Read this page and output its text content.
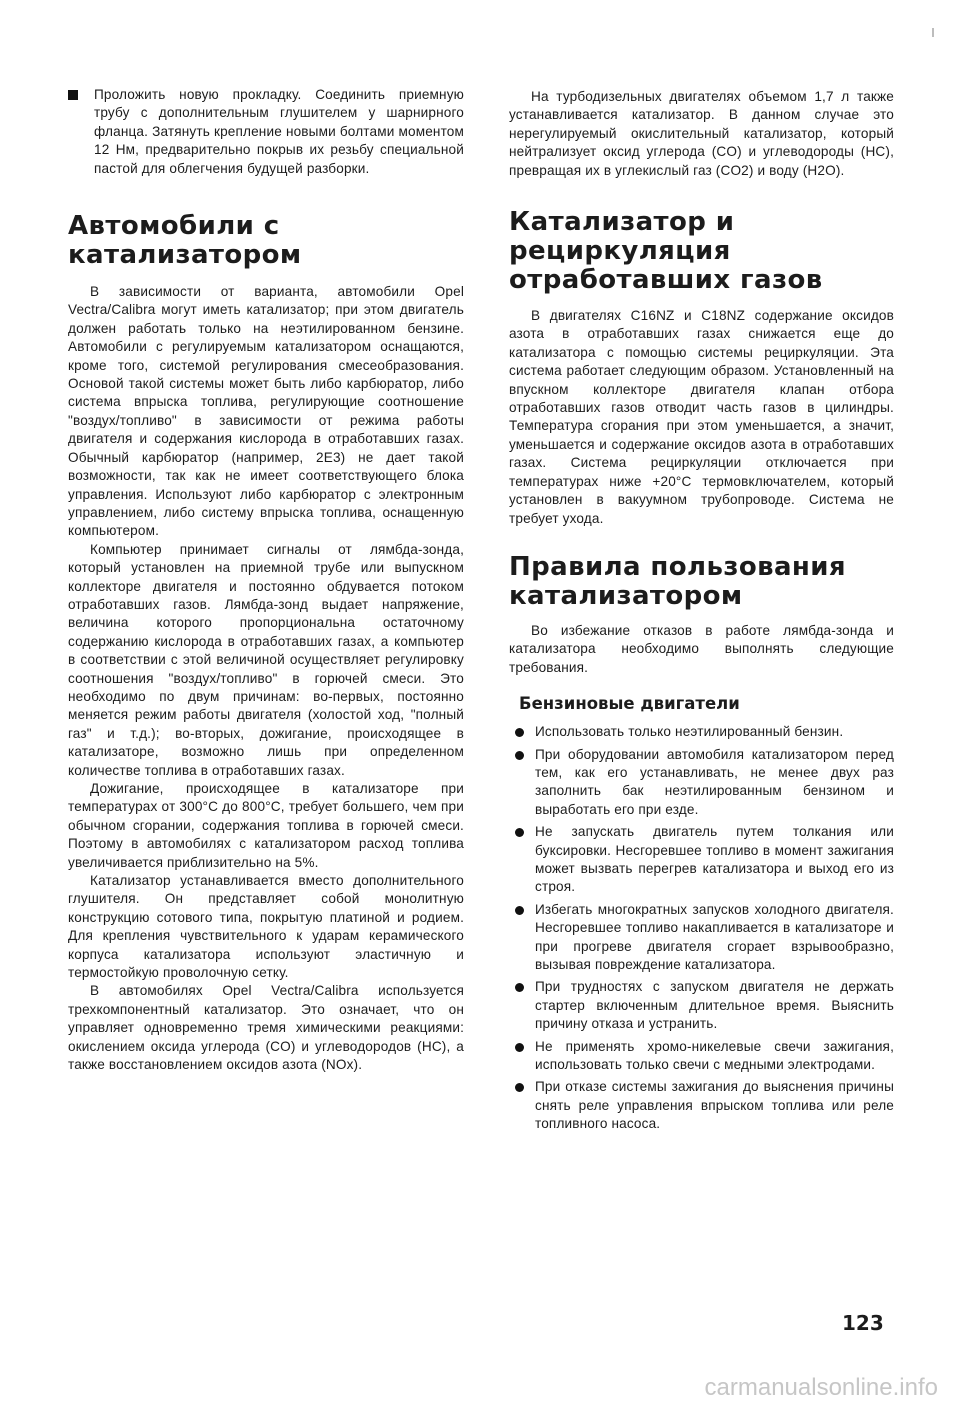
Проложить новую прокладку. Соединить приемную трубу с дополнительным глушителем у шарнирного фланца. Затянуть крепление новыми болтами моментом 12 Нм, предварительно покрыв их резьбу специальной пастой для облегчения будущей разборки.

Автомобили с
катализатором

В зависимости от варианта, автомобили Opel Vectra/Calibra могут иметь катализатор; при этом двигатель должен работать только на неэтилированном бензине. Автомобили с регулируемым катализатором оснащаются, кроме того, системой регулирования смесеобразования. Основой такой системы может быть либо карбюратор, либо система впрыска топлива, регулирующие соотношение "воздух/топливо" в зависимости от режима работы двигателя и содержания кислорода в отработавших газах. Обычный карбюратор (например, 2E3) не дает такой возможности, так как не имеет соответствующего блока управления. Используют либо карбюратор с электронным управлением, либо систему впрыска топлива, оснащенную компьютером.

Компьютер принимает сигналы от лямбда-зонда, который установлен на приемной трубе или выпускном коллекторе двигателя и постоянно обдувается потоком отработавших газов. Лямбда-зонд выдает напряжение, величина которого пропорциональна остаточному содержанию кислорода в отработавших газах, а компьютер в соответствии с этой величиной осуществляет регулировку соотношения "воздух/топливо" в горючей смеси. Это необходимо по двум причинам: во-первых, постоянно меняется режим работы двигателя (холостой ход, "полный газ" и т.д.); во-вторых, дожигание, происходящее в катализаторе, возможно лишь при определенном количестве топлива в отработавших газах.

Дожигание, происходящее в катализаторе при температурах от 300°C до 800°C, требует большего, чем при обычном сгорании, содержания топлива в горючей смеси. Поэтому в автомобилях с катализатором расход топлива увеличивается приблизительно на 5%.

Катализатор устанавливается вместо дополнительного глушителя. Он представляет собой монолитную конструкцию сотового типа, покрытую платиной и родием. Для крепления чувствительного к ударам керамического корпуса катализатора используют эластичную и термостойкую проволочную сетку.

В автомобилях Opel Vectra/Calibra используется трехкомпонентный катализатор. Это означает, что он управляет одновременно тремя химическими реакциями: окислением оксида углерода (CO) и углеводородов (HC), а также восстановлением оксидов азота (NOx).

На турбодизельных двигателях объемом 1,7 л также устанавливается катализатор. В данном случае это нерегулируемый окислительный катализатор, который нейтрализует оксид углерода (CO) и углеводороды (HC), превращая их в углекислый газ (CO2) и воду (H2O).

Катализатор и
рециркуляция
отработавших газов

В двигателях C16NZ и C18NZ содержание оксидов азота в отработавших газах снижается еще до катализатора с помощью системы рециркуляции. Эта система работает следующим образом. Установленный на впускном коллекторе двигателя клапан отбора отработавших газов отводит часть газов в цилиндры. Температура сгорания при этом уменьшается, а значит, уменьшается и содержание оксидов азота в отработавших газах. Система рециркуляции отключается при температурах ниже +20°C термовключателем, который установлен в вакуумном трубопроводе. Система не требует ухода.

Правила пользования
катализатором

Во избежание отказов в работе лямбда-зонда и катализатора необходимо выполнять следующие требования.

Бензиновые двигатели

Использовать только неэтилированный бензин.

При оборудовании автомобиля катализатором перед тем, как его устанавливать, не менее двух раз заполнить бак неэтилированным бензином и выработать его при езде.

Не запускать двигатель путем толкания или буксировки. Несгоревшее топливо в момент зажигания может вызвать перегрев катализатора и выход его из строя.

Избегать многократных запусков холодного двигателя. Несгоревшее топливо накапливается в катализаторе и при прогреве двигателя сгорает взрывообразно, вызывая повреждение катализатора.

При трудностях с запуском двигателя не держать стартер включенным длительное время. Выяснить причину отказа и устранить.

Не применять хромо-никелевые свечи зажигания, использовать только свечи с медными электродами.

При отказе системы зажигания до выяснения причины снять реле управления впрыском топлива или реле топливного насоса.

123
carmanualsonline.info
